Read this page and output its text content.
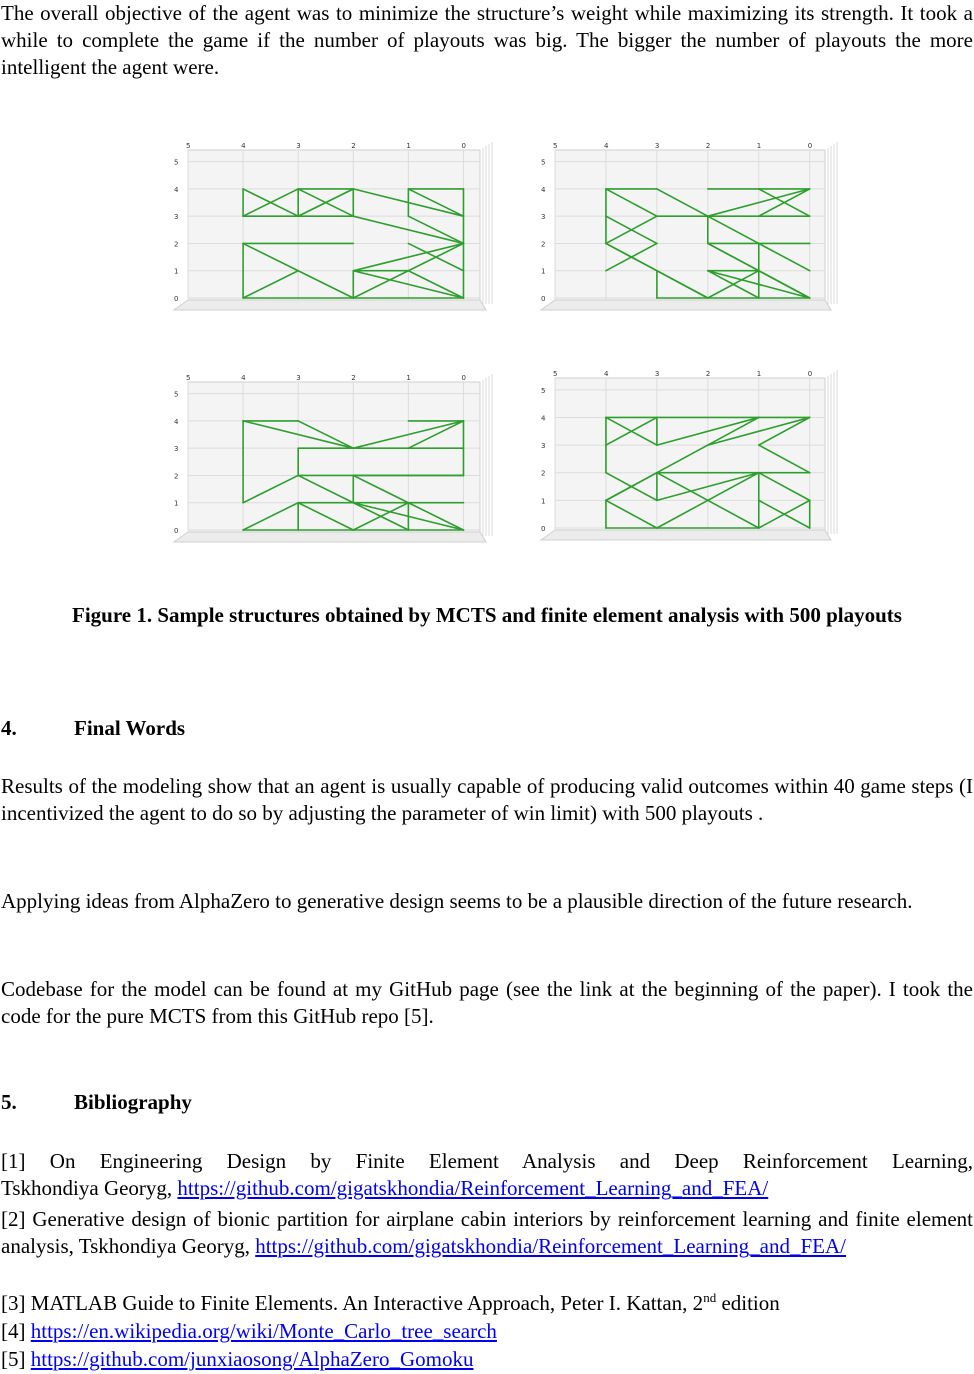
The overall objective of the agent was to minimize the structure’s weight while maximizing its strength. It took a while to complete the game if the number of playouts was big. The bigger the number of playouts the more intelligent the agent were.

5	4	3	2	1	0
0
1
2
3
4
5
5	4	3	2	1	0
0
1
2
3
4
5
5	4	3	2	1	0
0
1
2
3
4
5
5	4	3	2	1	0
0
1
2
3
4
5

Figure 1. Sample structures obtained by MCTS and finite element analysis with 500 playouts

4.	Final Words

Results of the modeling show that an agent is usually capable of producing valid outcomes within 40 game steps (I incentivized the agent to do so by adjusting the parameter of win limit) with 500 playouts .

Applying ideas from AlphaZero to generative design seems to be a plausible direction of the future research.

Codebase for the model can be found at my GitHub page (see the link at the beginning of the paper). I took the code for the pure MCTS from this GitHub repo [5].

5.	Bibliography
[1] On Engineering Design by Finite Element Analysis and Deep Reinforcement Learning,
Tskhondiya Georyg, https://github.com/gigatskhondia/Reinforcement_Learning_and_FEA/

[2] Generative design of bionic partition for airplane cabin interiors by reinforcement learning and finite element analysis, Tskhondiya Georyg, https://github.com/gigatskhondia/Reinforcement_Learning_and_FEA/

[3] MATLAB Guide to Finite Elements. An Interactive Approach, Peter I. Kattan, 2nd edition

[4] https://en.wikipedia.org/wiki/Monte_Carlo_tree_search

[5] https://github.com/junxiaosong/AlphaZero_Gomoku
